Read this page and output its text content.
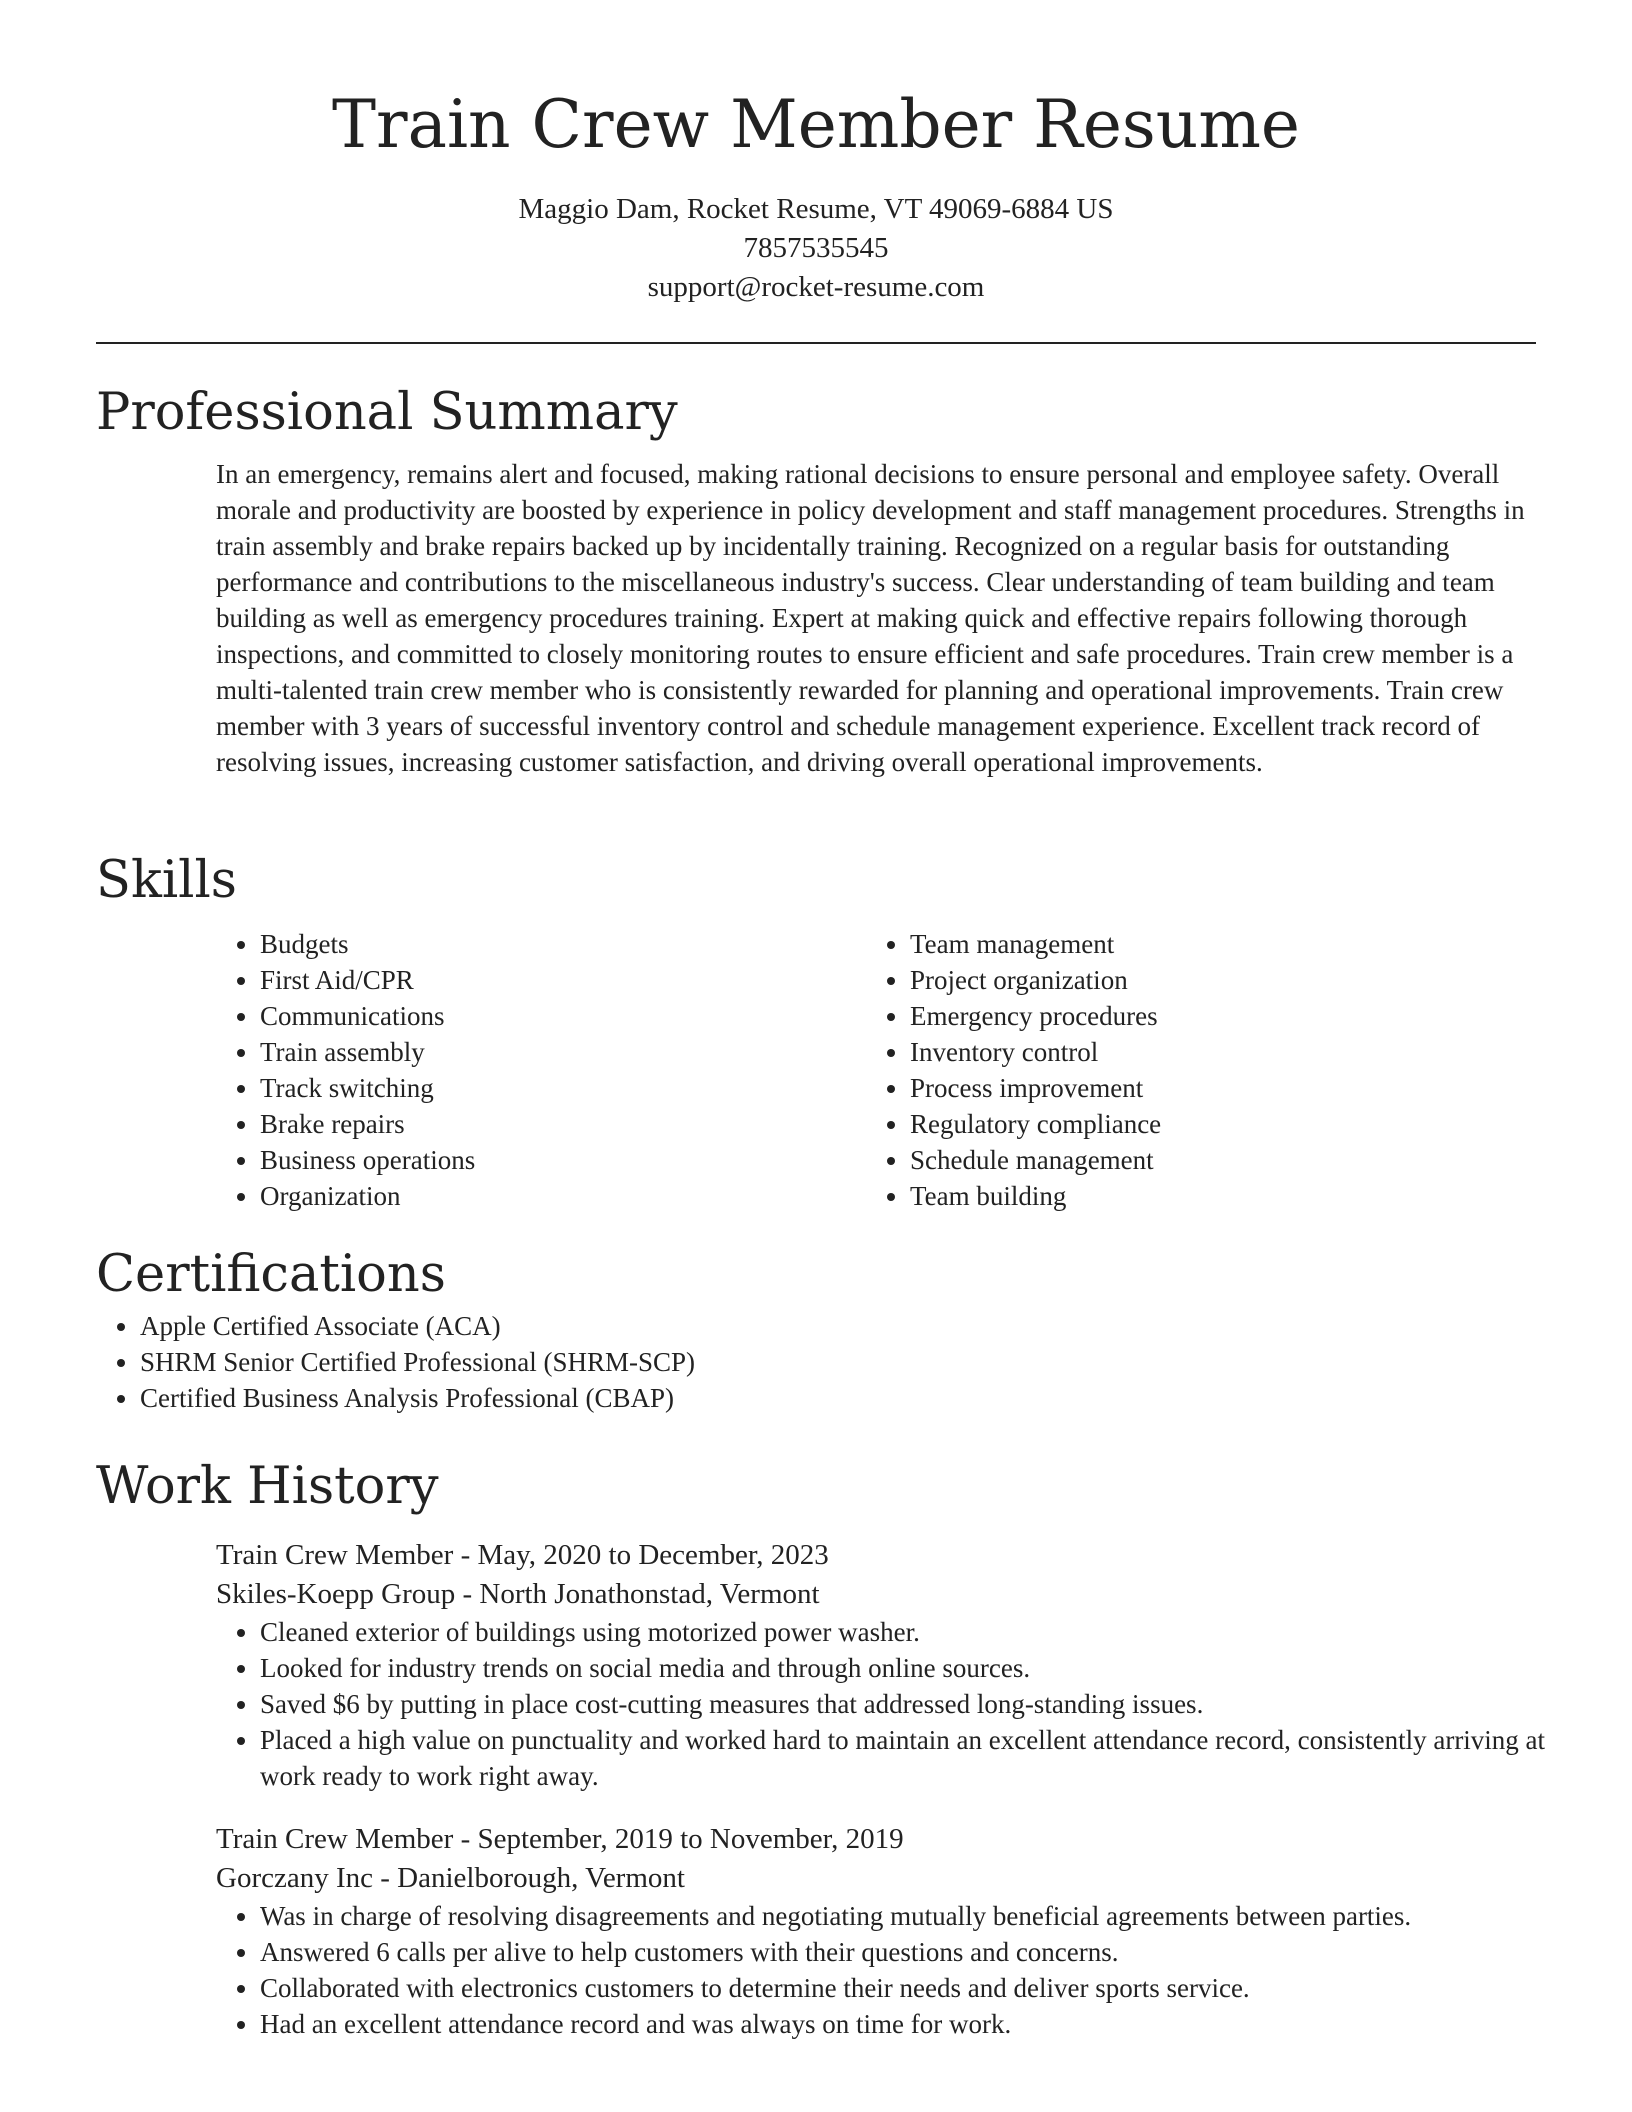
Train Crew Member Resume
Maggio Dam, Rocket Resume, VT 49069-6884 US
7857535545
support@rocket-resume.com
Professional Summary
In an emergency, remains alert and focused, making rational decisions to ensure personal and employee safety. Overall morale and productivity are boosted by experience in policy development and staff management procedures. Strengths in train assembly and brake repairs backed up by incidentally training. Recognized on a regular basis for outstanding performance and contributions to the miscellaneous industry's success. Clear understanding of team building and team building as well as emergency procedures training. Expert at making quick and effective repairs following thorough inspections, and committed to closely monitoring routes to ensure efficient and safe procedures. Train crew member is a multi-talented train crew member who is consistently rewarded for planning and operational improvements. Train crew member with 3 years of successful inventory control and schedule management experience. Excellent track record of resolving issues, increasing customer satisfaction, and driving overall operational improvements.
Skills
• Budgets
• First Aid/CPR
• Communications
• Train assembly
• Track switching
• Brake repairs
• Business operations
• Organization
• Team management
• Project organization
• Emergency procedures
• Inventory control
• Process improvement
• Regulatory compliance
• Schedule management
• Team building
Certifications
• Apple Certified Associate (ACA)
• SHRM Senior Certified Professional (SHRM-SCP)
• Certified Business Analysis Professional (CBAP)
Work History
Train Crew Member - May, 2020 to December, 2023
Skiles-Koepp Group - North Jonathonstad, Vermont
• Cleaned exterior of buildings using motorized power washer.
• Looked for industry trends on social media and through online sources.
• Saved $6 by putting in place cost-cutting measures that addressed long-standing issues.
• Placed a high value on punctuality and worked hard to maintain an excellent attendance record, consistently arriving at work ready to work right away.
Train Crew Member - September, 2019 to November, 2019
Gorczany Inc - Danielborough, Vermont
• Was in charge of resolving disagreements and negotiating mutually beneficial agreements between parties.
• Answered 6 calls per alive to help customers with their questions and concerns.
• Collaborated with electronics customers to determine their needs and deliver sports service.
• Had an excellent attendance record and was always on time for work.
